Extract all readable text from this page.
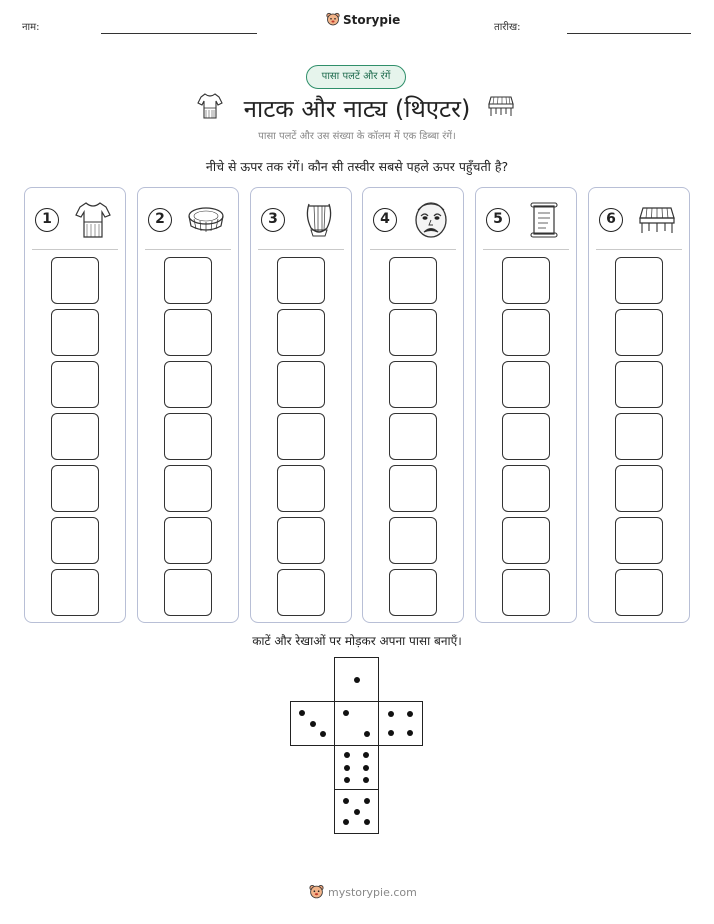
नाम:
Storypie
तारीख:
पासा पलटें और रंगें
नाटक और नाट्य (थिएटर)
पासा पलटें और उस संख्या के कॉलम में एक डिब्बा रंगें।
नीचे से ऊपर तक रंगें। कौन सी तस्वीर सबसे पहले ऊपर पहुँचती है?
1	2	3	4	5	6
काटें और रेखाओं पर मोड़कर अपना पासा बनाएँ।
mystorypie.com
